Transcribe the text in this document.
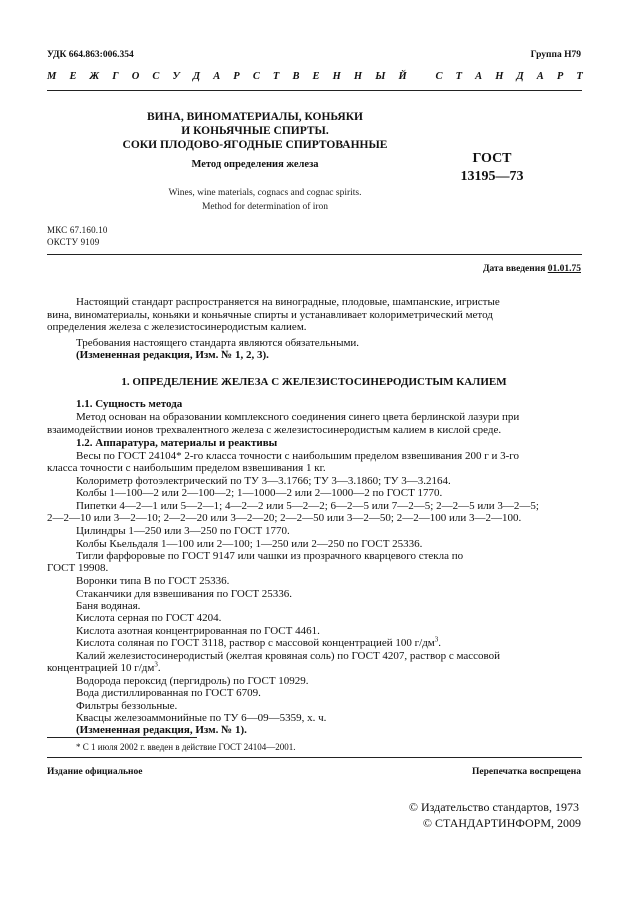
УДК 664.863:006.354	Группа Н79
М Е Ж Г О С У Д А Р С Т В Е Н Н Ы Й
	С Т А Н Д А Р Т
ВИНА, ВИНОМАТЕРИАЛЫ, КОНЬЯКИ
И КОНЬЯЧНЫЕ СПИРТЫ.
СОКИ ПЛОДОВО-ЯГОДНЫЕ СПИРТОВАННЫЕ
Метод определения железа	ГОСТ
13195—73
Wines, wine materials, cognacs and cognac spirits.
Method for determination of iron
МКС 67.160.10
ОКСТУ 9109
Дата введения 01.01.75
Настоящий стандарт распространяется на виноградные, плодовые, шампанские, игристые
вина, виноматериалы, коньяки и коньячные спирты и устанавливает колориметрический метод
определения железа с железистосинеродистым калием.
Требования настоящего стандарта являются обязательными.
(Измененная редакция, Изм. № 1, 2, 3).
1. ОПРЕДЕЛЕНИЕ ЖЕЛЕЗА С ЖЕЛЕЗИСТОСИНЕРОДИСТЫМ КАЛИЕМ
1.1. Сущность метода
Метод основан на образовании комплексного соединения синего цвета берлинской лазури при
взаимодействии ионов трехвалентного железа с железистосинеродистым калием в кислой среде.
1.2. Аппаратура, материалы и реактивы
Весы по ГОСТ 24104* 2-го класса точности с наибольшим пределом взвешивания 200 г и 3-го
класса точности с наибольшим пределом взвешивания 1 кг.
Колориметр фотоэлектрический по ТУ 3—3.1766; ТУ 3—3.1860; ТУ 3—3.2164.
Колбы 1—100—2 или 2—100—2; 1—1000—2 или 2—1000—2 по ГОСТ 1770.
Пипетки 4—2—1 или 5—2—1; 4—2—2 или 5—2—2; 6—2—5 или 7—2—5; 2—2—5 или 3—2—5;
2—2—10 или 3—2—10; 2—2—20 или 3—2—20; 2—2—50 или 3—2—50; 2—2—100 или 3—2—100.
Цилиндры 1—250 или 3—250 по ГОСТ 1770.
Колбы Кьельдаля 1—100 или 2—100; 1—250 или 2—250 по ГОСТ 25336.
Тигли фарфоровые по ГОСТ 9147 или чашки из прозрачного кварцевого стекла по
ГОСТ 19908.
Воронки типа В по ГОСТ 25336.
Стаканчики для взвешивания по ГОСТ 25336.
Баня водяная.
Кислота серная по ГОСТ 4204.
Кислота азотная концентрированная по ГОСТ 4461.
Кислота соляная по ГОСТ 3118, раствор с массовой концентрацией 100 $г/дм^3$.
Калий железистосинеродистый (желтая кровяная соль) по ГОСТ 4207, раствор с массовой
концентрацией 10 $г/дм^3$.
Водорода пероксид (пергидроль) по ГОСТ 10929.
Вода дистиллированная по ГОСТ 6709.
Фильтры беззольные.
Квасцы железоаммонийные по ТУ 6—09—5359, х. ч.
(Измененная редакция, Изм. № 1).
* С 1 июля 2002 г. введен в действие ГОСТ 24104—2001.
Издание официальное	Перепечатка воспрещена
© Издательство стандартов, 1973
© СТАНДАРТИНФОРМ, 2009
